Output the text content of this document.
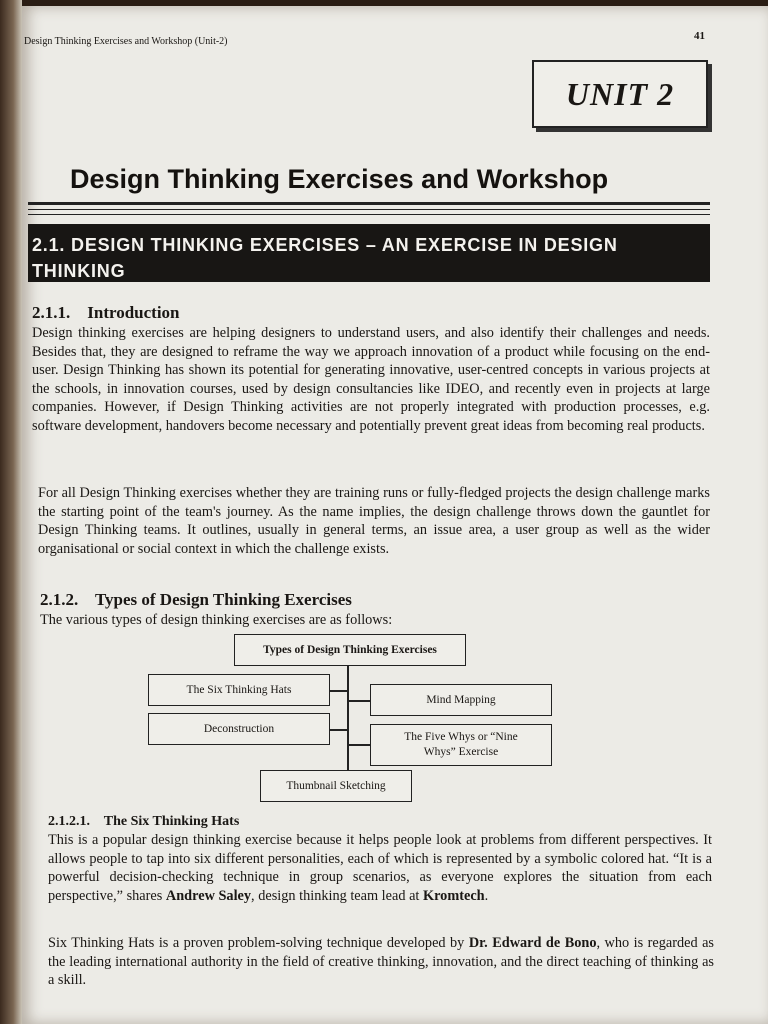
Design Thinking Exercises and Workshop (Unit-2)	41
UNIT 2
Design Thinking Exercises and Workshop
2.1. DESIGN THINKING EXERCISES – AN EXERCISE IN DESIGN THINKING
2.1.1.    Introduction
Design thinking exercises are helping designers to understand users, and also identify their challenges and needs. Besides that, they are designed to reframe the way we approach innovation of a product while focusing on the end-user. Design Thinking has shown its potential for generating innovative, user-centred concepts in various projects at the schools, in innovation courses, used by design consultancies like IDEO, and recently even in projects at large companies. However, if Design Thinking activities are not properly integrated with production processes, e.g. software development, handovers become necessary and potentially prevent great ideas from becoming real products.
For all Design Thinking exercises whether they are training runs or fully-fledged projects the design challenge marks the starting point of the team's journey. As the name implies, the design challenge throws down the gauntlet for Design Thinking teams. It outlines, usually in general terms, an issue area, a user group as well as the wider organisational or social context in which the challenge exists.
2.1.2.    Types of Design Thinking Exercises
The various types of design thinking exercises are as follows:
Types of Design Thinking Exercises
The Six Thinking Hats
Deconstruction
Mind Mapping
The Five Whys or “Nine Whys” Exercise
Thumbnail Sketching
2.1.2.1.    The Six Thinking Hats
This is a popular design thinking exercise because it helps people look at problems from different perspectives. It allows people to tap into six different personalities, each of which is represented by a symbolic colored hat. “It is a powerful decision-checking technique in group scenarios, as everyone explores the situation from each perspective,” shares Andrew Saley, design thinking team lead at Kromtech.
Six Thinking Hats is a proven problem-solving technique developed by Dr. Edward de Bono, who is regarded as the leading international authority in the field of creative thinking, innovation, and the direct teaching of thinking as a skill.
